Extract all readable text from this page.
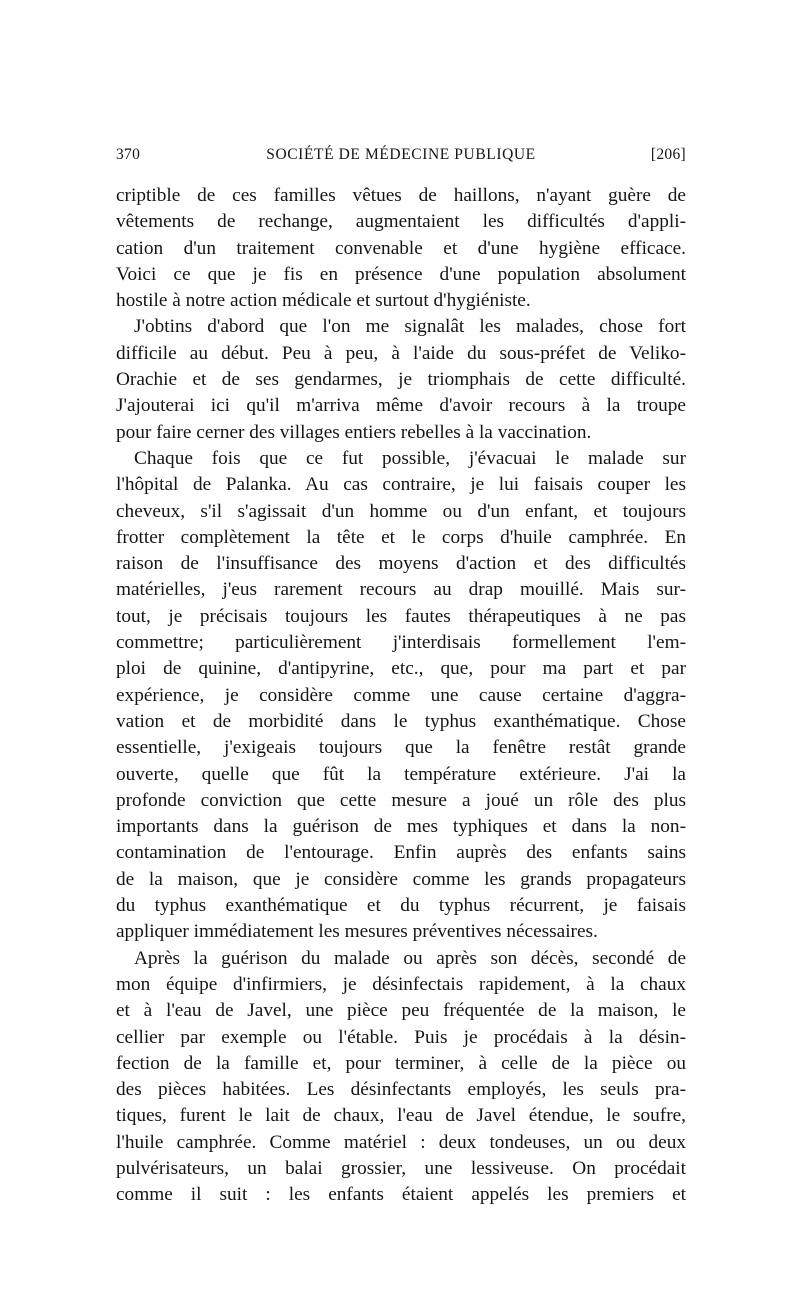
370	SOCIÉTÉ DE MÉDECINE PUBLIQUE	[206]
criptible de ces familles vêtues de haillons, n'ayant guère de
vêtements de rechange, augmentaient les difficultés d'appli-
cation d'un traitement convenable et d'une hygiène efficace.
Voici ce que je fis en présence d'une population absolument
hostile à notre action médicale et surtout d'hygiéniste.
J'obtins d'abord que l'on me signalât les malades, chose fort
difficile au début. Peu à peu, à l'aide du sous-préfet de Veliko-
Orachie et de ses gendarmes, je triomphais de cette difficulté.
J'ajouterai ici qu'il m'arriva même d'avoir recours à la troupe
pour faire cerner des villages entiers rebelles à la vaccination.
Chaque fois que ce fut possible, j'évacuai le malade sur
l'hôpital de Palanka. Au cas contraire, je lui faisais couper les
cheveux, s'il s'agissait d'un homme ou d'un enfant, et toujours
frotter complètement la tête et le corps d'huile camphrée. En
raison de l'insuffisance des moyens d'action et des difficultés
matérielles, j'eus rarement recours au drap mouillé. Mais sur-
tout, je précisais toujours les fautes thérapeutiques à ne pas
commettre; particulièrement j'interdisais formellement l'em-
ploi de quinine, d'antipyrine, etc., que, pour ma part et par
expérience, je considère comme une cause certaine d'aggra-
vation et de morbidité dans le typhus exanthématique. Chose
essentielle, j'exigeais toujours que la fenêtre restât grande
ouverte, quelle que fût la température extérieure. J'ai la
profonde conviction que cette mesure a joué un rôle des plus
importants dans la guérison de mes typhiques et dans la non-
contamination de l'entourage. Enfin auprès des enfants sains
de la maison, que je considère comme les grands propagateurs
du typhus exanthématique et du typhus récurrent, je faisais
appliquer immédiatement les mesures préventives nécessaires.
Après la guérison du malade ou après son décès, secondé de
mon équipe d'infirmiers, je désinfectais rapidement, à la chaux
et à l'eau de Javel, une pièce peu fréquentée de la maison, le
cellier par exemple ou l'étable. Puis je procédais à la désin-
fection de la famille et, pour terminer, à celle de la pièce ou
des pièces habitées. Les désinfectants employés, les seuls pra-
tiques, furent le lait de chaux, l'eau de Javel étendue, le soufre,
l'huile camphrée. Comme matériel : deux tondeuses, un ou deux
pulvérisateurs, un balai grossier, une lessiveuse. On procédait
comme il suit : les enfants étaient appelés les premiers et
